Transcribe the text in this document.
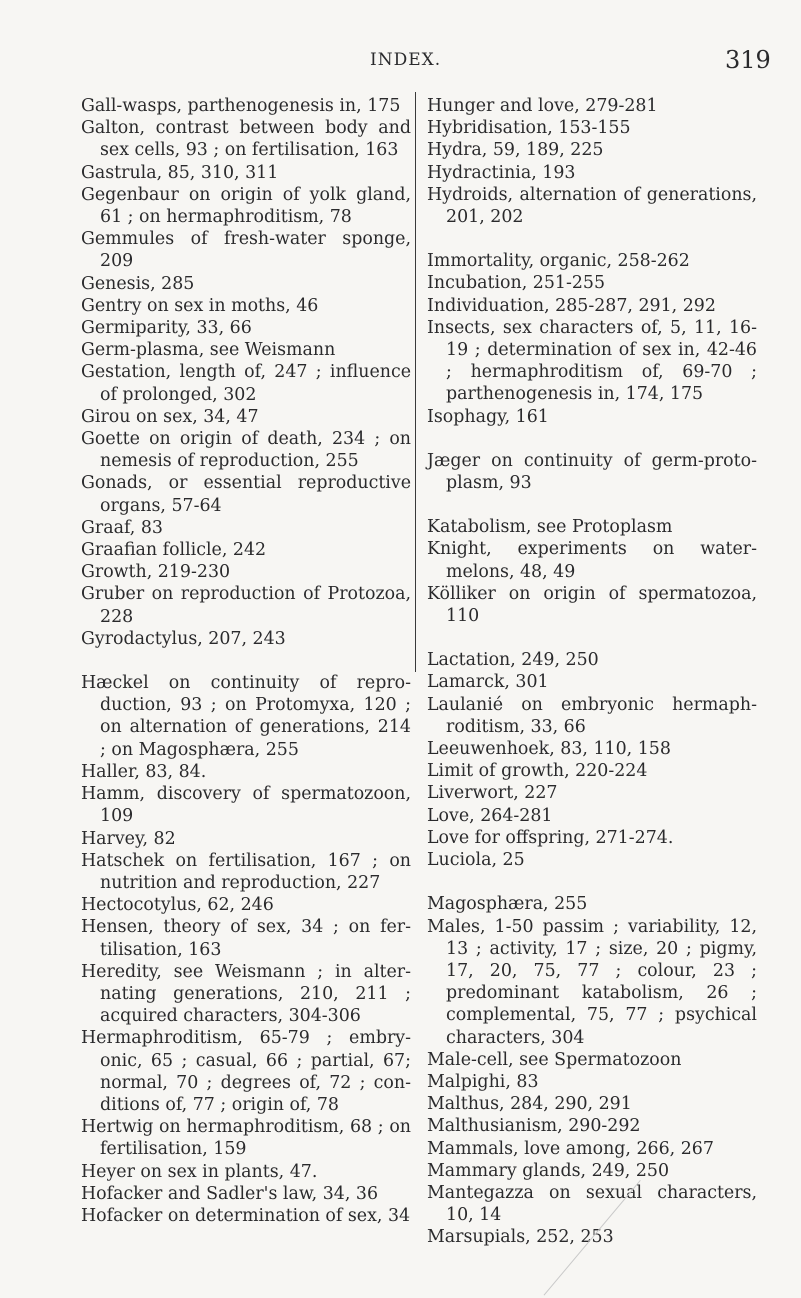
INDEX.	319
Gall-wasps, parthenogenesis in, 175
Galton, contrast between body and sex cells, 93 ; on fertilisation, 163
Gastrula, 85, 310, 311
Gegenbaur on origin of yolk gland, 61 ; on hermaphroditism, 78
Gemmules of fresh-water sponge, 209
Genesis, 285
Gentry on sex in moths, 46
Germiparity, 33, 66
Germ-plasma, see Weismann
Gestation, length of, 247 ; influence of prolonged, 302
Girou on sex, 34, 47
Goette on origin of death, 234 ; on nemesis of reproduction, 255
Gonads, or essential reproductive organs, 57-64
Graaf, 83
Graafian follicle, 242
Growth, 219-230
Gruber on reproduction of Protozoa, 228
Gyrodactylus, 207, 243
Hæckel on continuity of reproduction, 93 ; on Protomyxa, 120 ; on alternation of generations, 214 ; on Magosphæra, 255
Haller, 83, 84.
Hamm, discovery of spermatozoon, 109
Harvey, 82
Hatschek on fertilisation, 167 ; on nutrition and reproduction, 227
Hectocotylus, 62, 246
Hensen, theory of sex, 34 ; on fertilisation, 163
Heredity, see Weismann ; in alternating generations, 210, 211 ; acquired characters, 304-306
Hermaphroditism, 65-79 ; embryonic, 65 ; casual, 66 ; partial, 67; normal, 70 ; degrees of, 72 ; conditions of, 77 ; origin of, 78
Hertwig on hermaphroditism, 68 ; on fertilisation, 159
Heyer on sex in plants, 47.
Hofacker and Sadler's law, 34, 36
Hofacker on determination of sex, 34
Hunger and love, 279-281
Hybridisation, 153-155
Hydra, 59, 189, 225
Hydractinia, 193
Hydroids, alternation of generations, 201, 202
Immortality, organic, 258-262
Incubation, 251-255
Individuation, 285-287, 291, 292
Insects, sex characters of, 5, 11, 16-19 ; determination of sex in, 42-46 ; hermaphroditism of, 69-70 ; parthenogenesis in, 174, 175
Isophagy, 161
Jæger on continuity of germ-protoplasm, 93
Katabolism, see Protoplasm
Knight, experiments on water-melons, 48, 49
Kölliker on origin of spermatozoa, 110
Lactation, 249, 250
Lamarck, 301
Laulanié on embryonic hermaphroditism, 33, 66
Leeuwenhoek, 83, 110, 158
Limit of growth, 220-224
Liverwort, 227
Love, 264-281
Love for offspring, 271-274.
Luciola, 25
Magosphæra, 255
Males, 1-50 passim ; variability, 12, 13 ; activity, 17 ; size, 20 ; pigmy, 17, 20, 75, 77 ; colour, 23 ; predominant katabolism, 26 ; complemental, 75, 77 ; psychical characters, 304
Male-cell, see Spermatozoon
Malpighi, 83
Malthus, 284, 290, 291
Malthusianism, 290-292
Mammals, love among, 266, 267
Mammary glands, 249, 250
Mantegazza on sexual characters, 10, 14
Marsupials, 252, 253
